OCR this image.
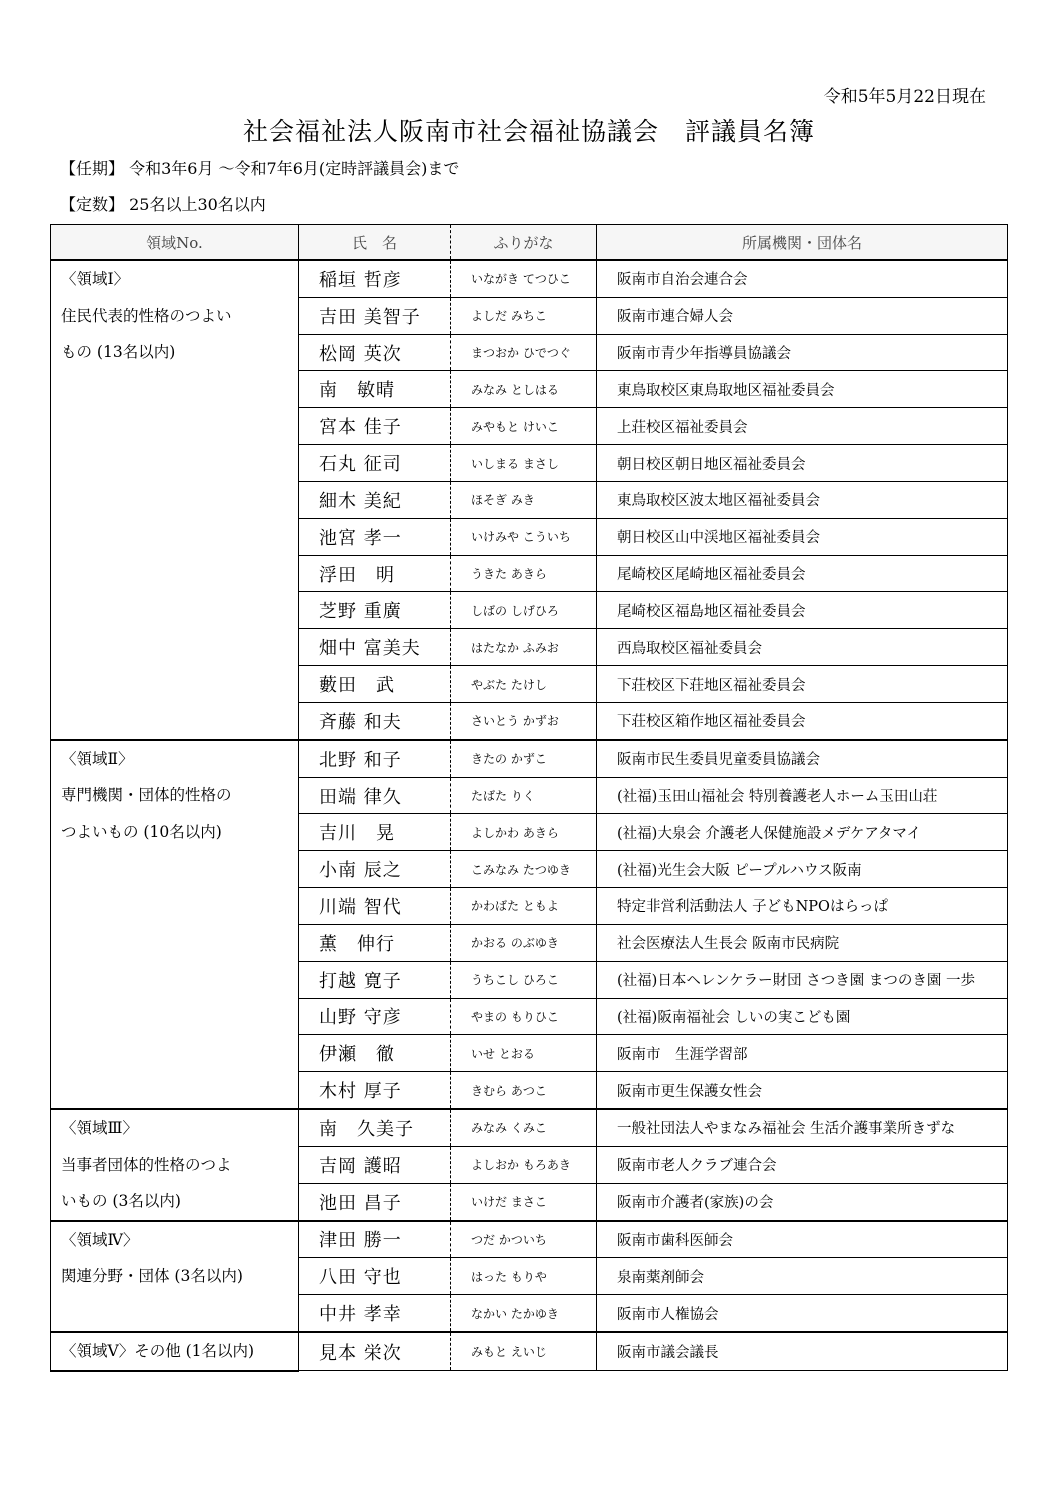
令和5年5月22日現在
社会福祉法人阪南市社会福祉協議会　評議員名簿
【任期】 令和3年6月 ～令和7年6月(定時評議員会)まで
【定数】 25名以上30名以内
領域No.	氏　名	ふりがな	所属機関・団体名

〈領域Ⅰ〉
住民代表的性格のつよい
もの (13名以内)	稲垣 哲彦	いながき てつひこ	阪南市自治会連合会
	吉田 美智子	よしだ みちこ	阪南市連合婦人会
	松岡 英次	まつおか ひでつぐ	阪南市青少年指導員協議会
	南　敏晴	みなみ としはる	東鳥取校区東鳥取地区福祉委員会
	宮本 佳子	みやもと けいこ	上荘校区福祉委員会
	石丸 征司	いしまる まさし	朝日校区朝日地区福祉委員会
	細木 美紀	ほそぎ みき	東鳥取校区波太地区福祉委員会
	池宮 孝一	いけみや こういち	朝日校区山中渓地区福祉委員会
	浮田　明	うきた あきら	尾崎校区尾崎地区福祉委員会
	芝野 重廣	しばの しげひろ	尾崎校区福島地区福祉委員会
	畑中 富美夫	はたなか ふみお	西鳥取校区福祉委員会
	藪田　武	やぶた たけし	下荘校区下荘地区福祉委員会
	斉藤 和夫	さいとう かずお	下荘校区箱作地区福祉委員会

〈領域Ⅱ〉
専門機関・団体的性格の
つよいもの (10名以内)	北野 和子	きたの かずこ	阪南市民生委員児童委員協議会
	田端 律久	たばた りく	(社福)玉田山福祉会 特別養護老人ホーム玉田山荘
	吉川　晃	よしかわ あきら	(社福)大泉会 介護老人保健施設メデケアタマイ
	小南 辰之	こみなみ たつゆき	(社福)光生会大阪 ピープルハウス阪南
	川端 智代	かわばた ともよ	特定非営利活動法人 子どもNPOはらっぱ
	薫　伸行	かおる のぶゆき	社会医療法人生長会 阪南市民病院
	打越 寛子	うちこし ひろこ	(社福)日本ヘレンケラー財団 さつき園 まつのき園 一歩
	山野 守彦	やまの もりひこ	(社福)阪南福祉会 しいの実こども園
	伊瀬　徹	いせ とおる	阪南市　生涯学習部
	木村 厚子	きむら あつこ	阪南市更生保護女性会

〈領域Ⅲ〉
当事者団体的性格のつよ
いもの (3名以内)	南　久美子	みなみ くみこ	一般社団法人やまなみ福祉会 生活介護事業所きずな
	吉岡 護昭	よしおか もろあき	阪南市老人クラブ連合会
	池田 昌子	いけだ まさこ	阪南市介護者(家族)の会

〈領域Ⅳ〉
関連分野・団体 (3名以内)	津田 勝一	つだ かついち	阪南市歯科医師会
	八田 守也	はった もりや	泉南薬剤師会
	中井 孝幸	なかい たかゆき	阪南市人権協会

〈領域Ⅴ〉その他 (1名以内)	見本 栄次	みもと えいじ	阪南市議会議長
